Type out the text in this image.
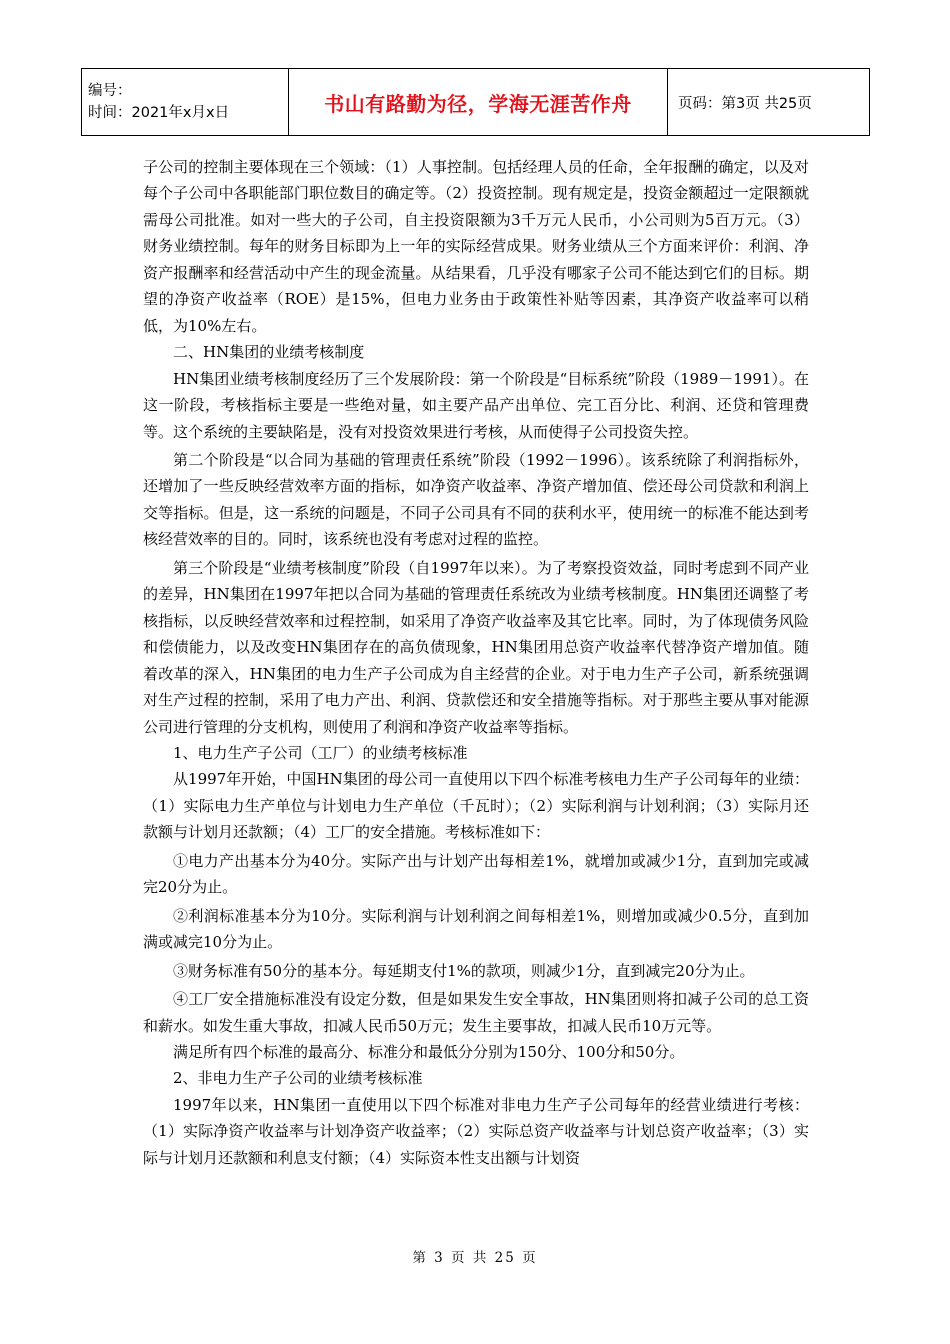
编号：
时间：2021年x月x日	书山有路勤为径，学海无涯苦作舟	页码：第3页 共25页

子公司的控制主要体现在三个领域：（1）人事控制。包括经理人员的任命，全年报酬的确定，以及对每个子公司中各职能部门职位数目的确定等。（2）投资控制。现有规定是，投资金额超过一定限额就需母公司批准。如对一些大的子公司，自主投资限额为3千万元人民币，小公司则为5百万元。（3）财务业绩控制。每年的财务目标即为上一年的实际经营成果。财务业绩从三个方面来评价：利润、净资产报酬率和经营活动中产生的现金流量。从结果看，几乎没有哪家子公司不能达到它们的目标。期望的净资产收益率（ROE）是15%，但电力业务由于政策性补贴等因素，其净资产收益率可以稍低，为10%左右。

二、HN集团的业绩考核制度

HN集团业绩考核制度经历了三个发展阶段：第一个阶段是“目标系统”阶段（1989－1991）。在这一阶段，考核指标主要是一些绝对量，如主要产品产出单位、完工百分比、利润、还贷和管理费等。这个系统的主要缺陷是，没有对投资效果进行考核，从而使得子公司投资失控。

第二个阶段是“以合同为基础的管理责任系统”阶段（1992－1996）。该系统除了利润指标外，还增加了一些反映经营效率方面的指标，如净资产收益率、净资产增加值、偿还母公司贷款和利润上交等指标。但是，这一系统的问题是，不同子公司具有不同的获利水平，使用统一的标准不能达到考核经营效率的目的。同时，该系统也没有考虑对过程的监控。

第三个阶段是“业绩考核制度”阶段（自1997年以来）。为了考察投资效益，同时考虑到不同产业的差异，HN集团在1997年把以合同为基础的管理责任系统改为业绩考核制度。HN集团还调整了考核指标，以反映经营效率和过程控制，如采用了净资产收益率及其它比率。同时，为了体现债务风险和偿债能力，以及改变HN集团存在的高负债现象，HN集团用总资产收益率代替净资产增加值。随着改革的深入，HN集团的电力生产子公司成为自主经营的企业。对于电力生产子公司，新系统强调对生产过程的控制，采用了电力产出、利润、贷款偿还和安全措施等指标。对于那些主要从事对能源公司进行管理的分支机构，则使用了利润和净资产收益率等指标。

1、电力生产子公司（工厂）的业绩考核标准

从1997年开始，中国HN集团的母公司一直使用以下四个标准考核电力生产子公司每年的业绩：（1）实际电力生产单位与计划电力生产单位（千瓦时）；（2）实际利润与计划利润；（3）实际月还款额与计划月还款额；（4）工厂的安全措施。考核标准如下：

①电力产出基本分为40分。实际产出与计划产出每相差1%，就增加或减少1分，直到加完或减完20分为止。

②利润标准基本分为10分。实际利润与计划利润之间每相差1%，则增加或减少0.5分，直到加满或减完10分为止。

③财务标准有50分的基本分。每延期支付1%的款项，则减少1分，直到减完20分为止。

④工厂安全措施标准没有设定分数，但是如果发生安全事故，HN集团则将扣减子公司的总工资和薪水。如发生重大事故，扣减人民币50万元；发生主要事故，扣减人民币10万元等。

满足所有四个标准的最高分、标准分和最低分分别为150分、100分和50分。

2、非电力生产子公司的业绩考核标准

1997年以来，HN集团一直使用以下四个标准对非电力生产子公司每年的经营业绩进行考核：（1）实际净资产收益率与计划净资产收益率；（2）实际总资产收益率与计划总资产收益率；（3）实际与计划月还款额和利息支付额；（4）实际资本性支出额与计划资

第 3 页 共 25 页
